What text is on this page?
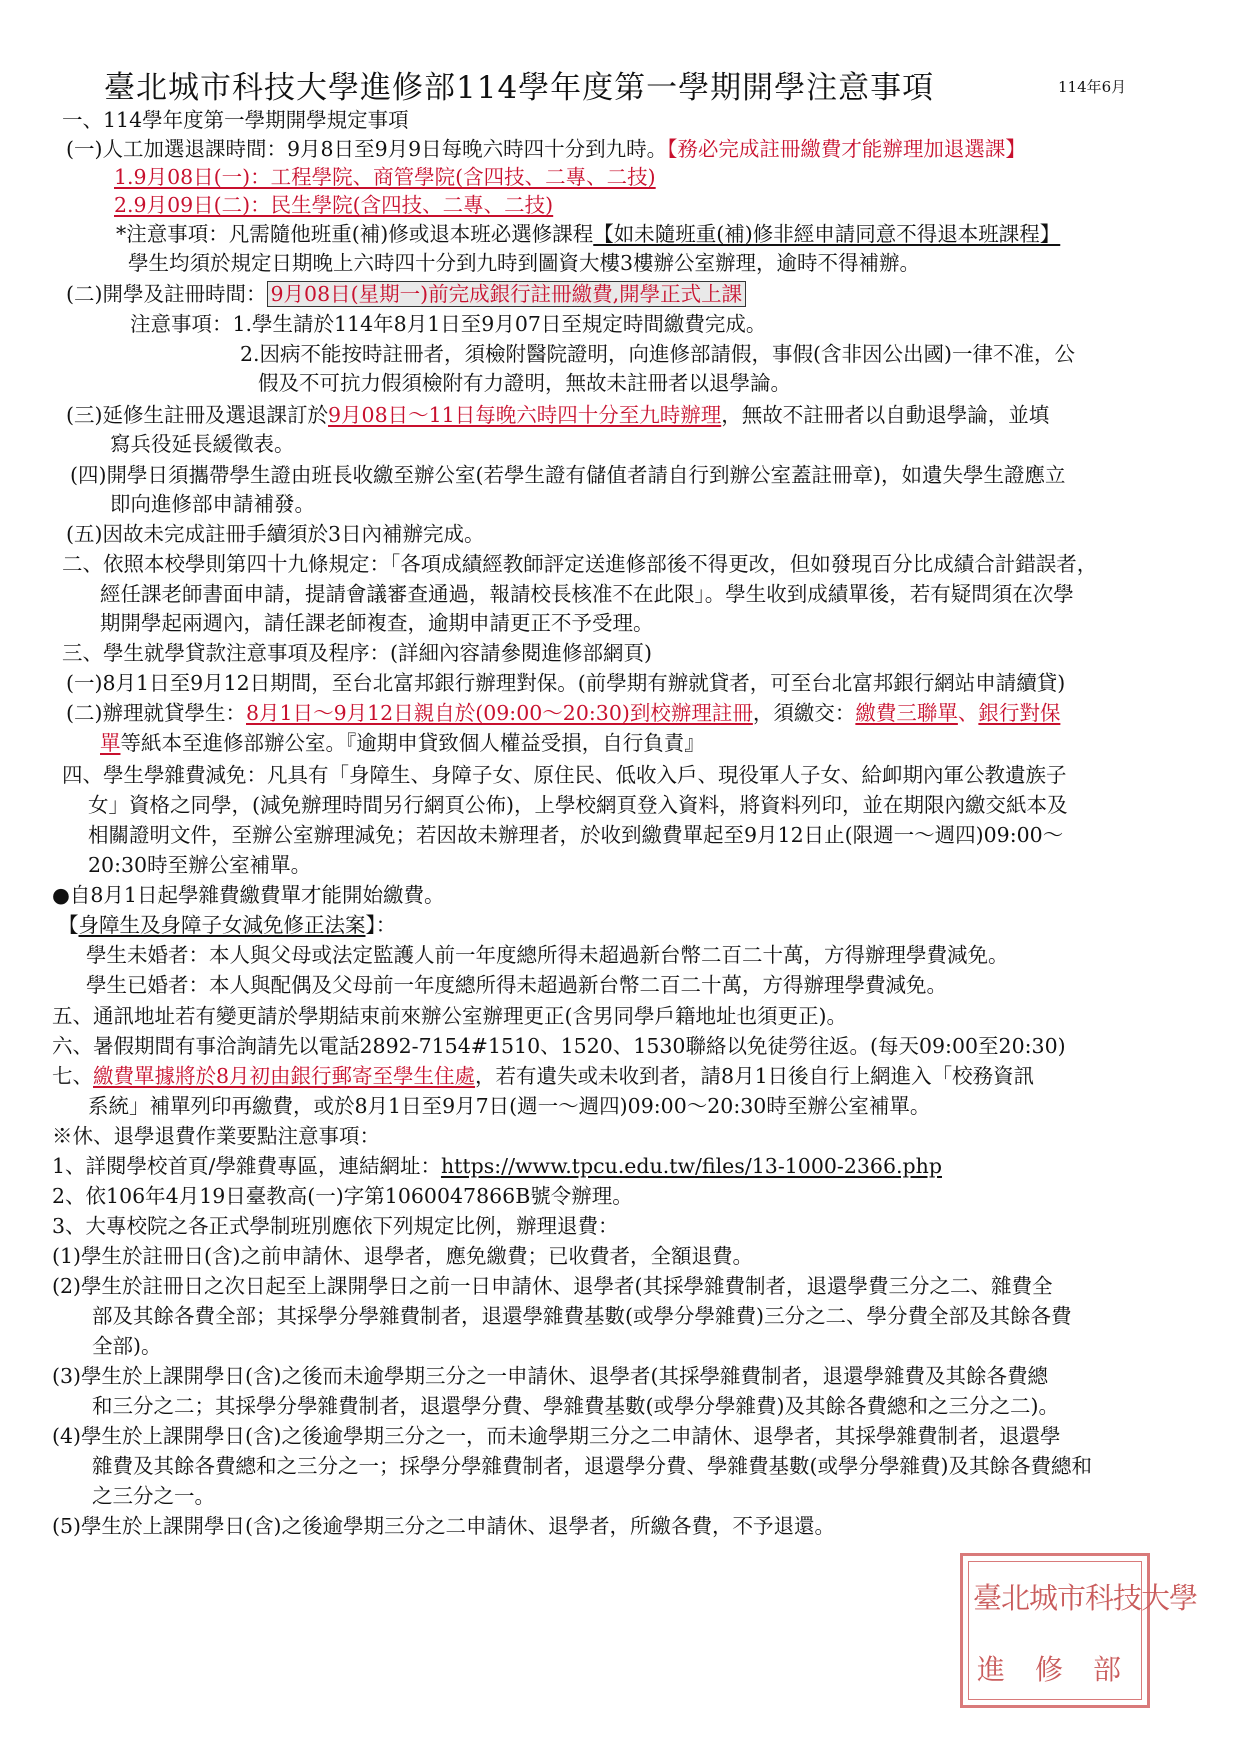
臺北城市科技大學進修部114學年度第一學期開學注意事項	114年6月
一、114學年度第一學期開學規定事項
(一)人工加選退課時間：9月8日至9月9日每晚六時四十分到九時。【務必完成註冊繳費才能辦理加退選課】
1.9月08日(一)：工程學院、商管學院(含四技、二專、二技)
2.9月09日(二)：民生學院(含四技、二專、二技)
*注意事項：凡需隨他班重(補)修或退本班必選修課程【如未隨班重(補)修非經申請同意不得退本班課程】
學生均須於規定日期晚上六時四十分到九時到圖資大樓3樓辦公室辦理，逾時不得補辦。
(二)開學及註冊時間： 9月08日(星期一)前完成銀行註冊繳費,開學正式上課
注意事項：1.學生請於114年8月1日至9月07日至規定時間繳費完成。
2.因病不能按時註冊者，須檢附醫院證明，向進修部請假，事假(含非因公出國)一律不准，公
假及不可抗力假須檢附有力證明，無故未註冊者以退學論。
(三)延修生註冊及選退課訂於9月08日～11日每晚六時四十分至九時辦理，無故不註冊者以自動退學論，並填
寫兵役延長緩徵表。
(四)開學日須攜帶學生證由班長收繳至辦公室(若學生證有儲值者請自行到辦公室蓋註冊章)，如遺失學生證應立
即向進修部申請補發。
(五)因故未完成註冊手續須於3日內補辦完成。
二、依照本校學則第四十九條規定：「各項成績經教師評定送進修部後不得更改，但如發現百分比成績合計錯誤者，
經任課老師書面申請，提請會議審查通過，報請校長核准不在此限」。學生收到成績單後，若有疑問須在次學
期開學起兩週內，請任課老師複查，逾期申請更正不予受理。
三、學生就學貸款注意事項及程序：(詳細內容請參閱進修部網頁)
(一)8月1日至9月12日期間，至台北富邦銀行辦理對保。(前學期有辦就貸者，可至台北富邦銀行網站申請續貸)
(二)辦理就貸學生：8月1日～9月12日親自於(09:00～20:30)到校辦理註冊，須繳交：繳費三聯單、銀行對保
單等紙本至進修部辦公室。『逾期申貸致個人權益受損，自行負責』
四、學生學雜費減免：凡具有「身障生、身障子女、原住民、低收入戶、現役軍人子女、給卹期內軍公教遺族子
女」資格之同學，(減免辦理時間另行網頁公佈)，上學校網頁登入資料，將資料列印，並在期限內繳交紙本及
相關證明文件，至辦公室辦理減免；若因故未辦理者，於收到繳費單起至9月12日止(限週一～週四)09:00～
20:30時至辦公室補單。
●自8月1日起學雜費繳費單才能開始繳費。
【身障生及身障子女減免修正法案】：
學生未婚者：本人與父母或法定監護人前一年度總所得未超過新台幣二百二十萬，方得辦理學費減免。
學生已婚者：本人與配偶及父母前一年度總所得未超過新台幣二百二十萬，方得辦理學費減免。
五、通訊地址若有變更請於學期結束前來辦公室辦理更正(含男同學戶籍地址也須更正)。
六、暑假期間有事洽詢請先以電話2892-7154#1510、1520、1530聯絡以免徒勞往返。(每天09:00至20:30)
七、繳費單據將於8月初由銀行郵寄至學生住處，若有遺失或未收到者，請8月1日後自行上網進入「校務資訊
系統」補單列印再繳費，或於8月1日至9月7日(週一～週四)09:00～20:30時至辦公室補單。
※休、退學退費作業要點注意事項：
1、詳閱學校首頁/學雜費專區，連結網址：https://www.tpcu.edu.tw/files/13-1000-2366.php
2、依106年4月19日臺教高(一)字第1060047866B號令辦理。
3、大專校院之各正式學制班別應依下列規定比例，辦理退費：
(1)學生於註冊日(含)之前申請休、退學者，應免繳費；已收費者，全額退費。
(2)學生於註冊日之次日起至上課開學日之前一日申請休、退學者(其採學雜費制者，退還學費三分之二、雜費全
部及其餘各費全部；其採學分學雜費制者，退還學雜費基數(或學分學雜費)三分之二、學分費全部及其餘各費
全部)。
(3)學生於上課開學日(含)之後而未逾學期三分之一申請休、退學者(其採學雜費制者，退還學雜費及其餘各費總
和三分之二；其採學分學雜費制者，退還學分費、學雜費基數(或學分學雜費)及其餘各費總和之三分之二)。
(4)學生於上課開學日(含)之後逾學期三分之一，而未逾學期三分之二申請休、退學者，其採學雜費制者，退還學
雜費及其餘各費總和之三分之一；採學分學雜費制者，退還學分費、學雜費基數(或學分學雜費)及其餘各費總和
之三分之一。
(5)學生於上課開學日(含)之後逾學期三分之二申請休、退學者，所繳各費，不予退還。
臺北城市科技大學
進修部
